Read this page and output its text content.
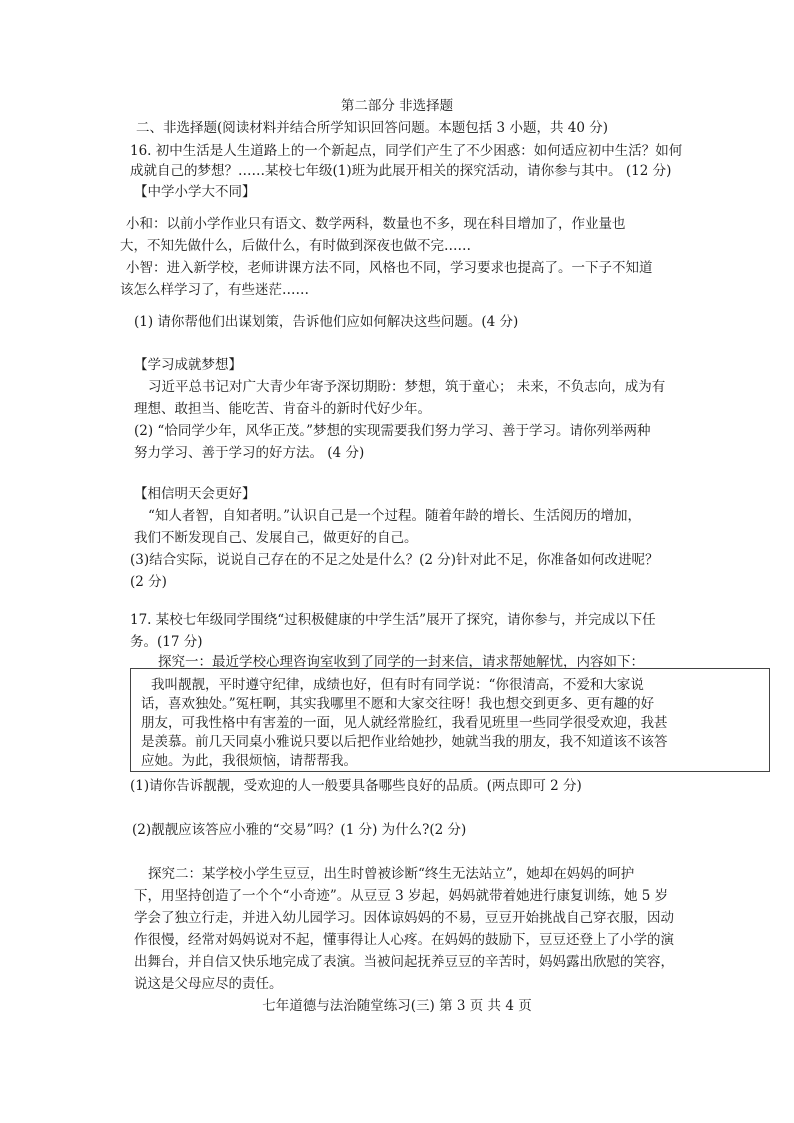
第二部分 非选择题
二、非选择题(阅读材料并结合所学知识回答问题。本题包括 3 小题，共 40 分)
16. 初中生活是人生道路上的一个新起点，同学们产生了不少困惑：如何适应初中生活？如何
成就自己的梦想？……某校七年级(1)班为此展开相关的探究活动，请你参与其中。 (12 分)
【中学小学大不同】
小和：以前小学作业只有语文、数学两科，数量也不多，现在科目增加了，作业量也
大，不知先做什么，后做什么，有时做到深夜也做不完……
小智：进入新学校，老师讲课方法不同，风格也不同，学习要求也提高了。一下子不知道
该怎么样学习了，有些迷茫……
(1) 请你帮他们出谋划策，告诉他们应如何解决这些问题。(4 分)
【学习成就梦想】
习近平总书记对广大青少年寄予深切期盼：梦想，筑于童心； 未来，不负志向，成为有
理想、敢担当、能吃苦、肯奋斗的新时代好少年。
(2) “恰同学少年，风华正茂。”梦想的实现需要我们努力学习、善于学习。请你列举两种
努力学习、善于学习的好方法。 (4 分)
【相信明天会更好】
“知人者智，自知者明。”认识自己是一个过程。随着年龄的增长、生活阅历的增加，
我们不断发现自己、发展自己，做更好的自己。
(3)结合实际，说说自己存在的不足之处是什么？(2 分)针对此不足，你准备如何改进呢？
(2 分)
17. 某校七年级同学围绕“过积极健康的中学生活”展开了探究，请你参与，并完成以下任
务。(17 分)
探究一：最近学校心理咨询室收到了同学的一封来信，请求帮她解忧，内容如下：
我叫靓靓，平时遵守纪律，成绩也好，但有时有同学说：“你很清高，不爱和大家说
话，喜欢独处。”冤枉啊，其实我哪里不愿和大家交往呀！我也想交到更多、更有趣的好
朋友，可我性格中有害羞的一面，见人就经常脸红，我看见班里一些同学很受欢迎，我甚
是羡慕。前几天同桌小雅说只要以后把作业给她抄，她就当我的朋友，我不知道该不该答
应她。为此，我很烦恼，请帮帮我。
(1)请你告诉靓靓，受欢迎的人一般要具备哪些良好的品质。(两点即可 2 分)
(2)靓靓应该答应小雅的“交易”吗？(1 分) 为什么?(2 分)
探究二：某学校小学生豆豆，出生时曾被诊断“终生无法站立”，她却在妈妈的呵护
下，用坚持创造了一个个“小奇迹”。从豆豆 3 岁起，妈妈就带着她进行康复训练，她 5 岁
学会了独立行走，并进入幼儿园学习。因体谅妈妈的不易，豆豆开始挑战自己穿衣服，因动
作很慢，经常对妈妈说对不起，懂事得让人心疼。在妈妈的鼓励下，豆豆还登上了小学的演
出舞台，并自信又快乐地完成了表演。当被问起抚养豆豆的辛苦时，妈妈露出欣慰的笑容，
说这是父母应尽的责任。
七年道德与法治随堂练习(三) 第 3 页 共 4 页
